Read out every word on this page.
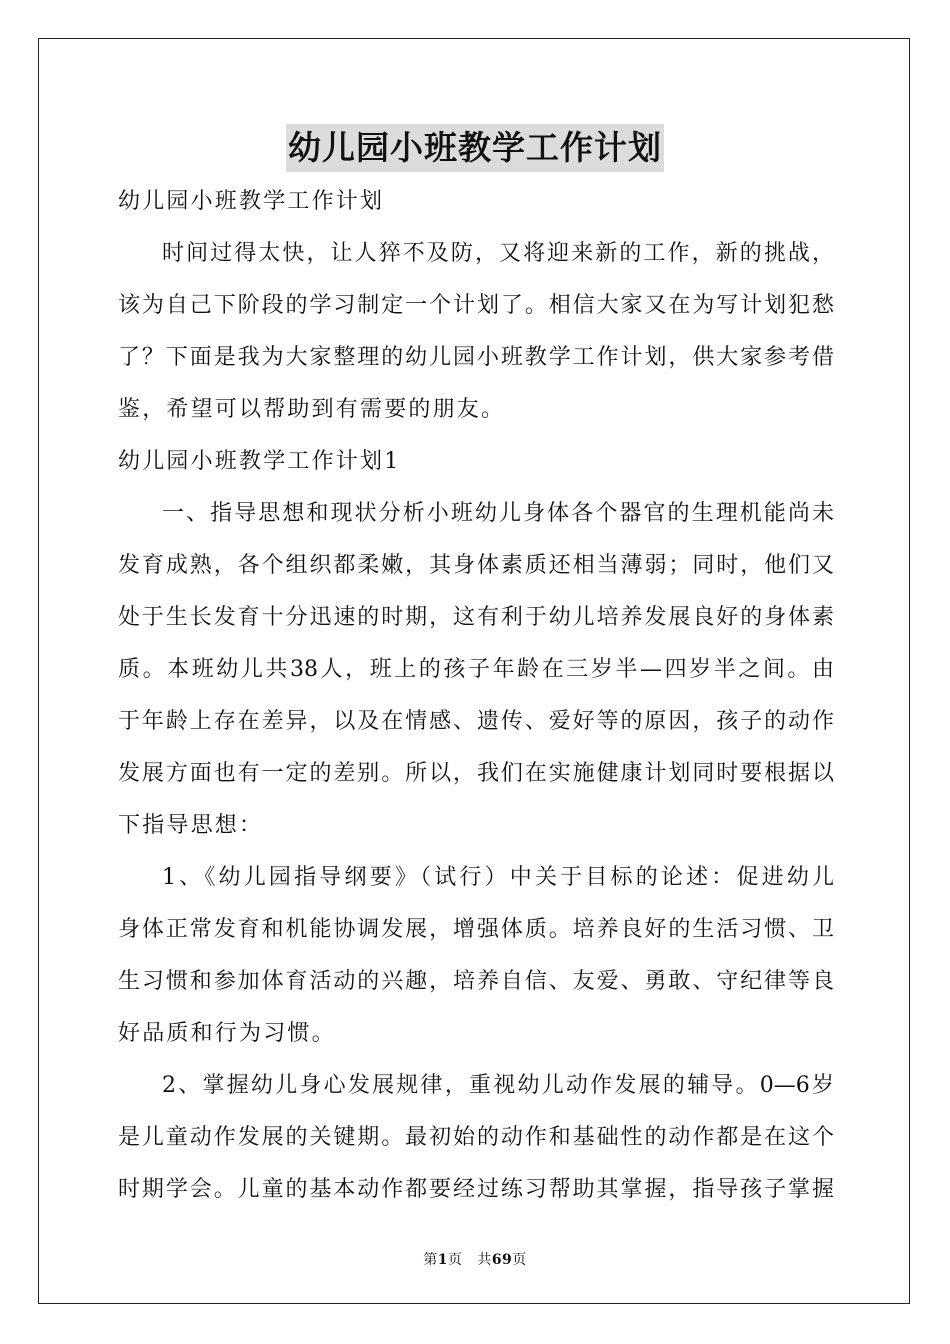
幼儿园小班教学工作计划
幼儿园小班教学工作计划
时间过得太快，让人猝不及防，又将迎来新的工作，新的挑战，
该为自己下阶段的学习制定一个计划了。相信大家又在为写计划犯愁
了？下面是我为大家整理的幼儿园小班教学工作计划，供大家参考借
鉴，希望可以帮助到有需要的朋友。
幼儿园小班教学工作计划1
一、指导思想和现状分析小班幼儿身体各个器官的生理机能尚未
发育成熟，各个组织都柔嫩，其身体素质还相当薄弱；同时，他们又
处于生长发育十分迅速的时期，这有利于幼儿培养发展良好的身体素
质。本班幼儿共38人，班上的孩子年龄在三岁半—四岁半之间。由
于年龄上存在差异，以及在情感、遗传、爱好等的原因，孩子的动作
发展方面也有一定的差别。所以，我们在实施健康计划同时要根据以
下指导思想：
1、《幼儿园指导纲要》（试行）中关于目标的论述：促进幼儿
身体正常发育和机能协调发展，增强体质。培养良好的生活习惯、卫
生习惯和参加体育活动的兴趣，培养自信、友爱、勇敢、守纪律等良
好品质和行为习惯。
2、掌握幼儿身心发展规律，重视幼儿动作发展的辅导。0—6岁
是儿童动作发展的关键期。最初始的动作和基础性的动作都是在这个
时期学会。儿童的基本动作都要经过练习帮助其掌握，指导孩子掌握
第1页 共69页
